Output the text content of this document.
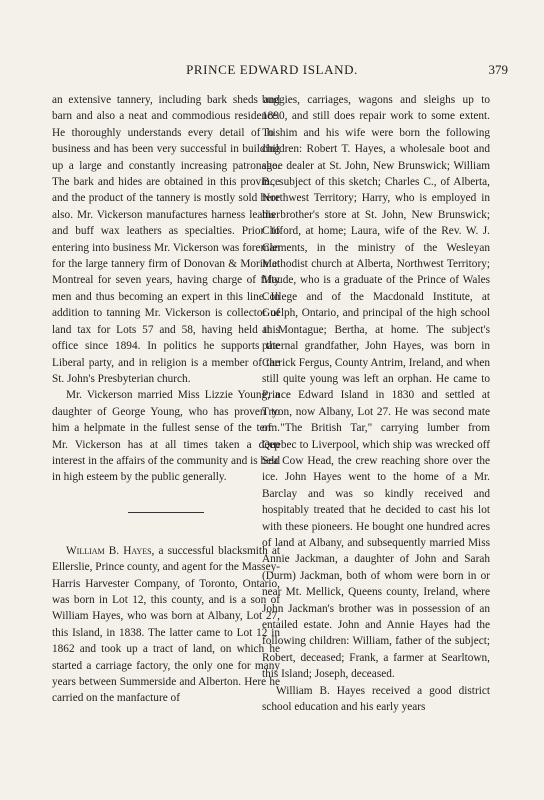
PRINCE EDWARD ISLAND.	379

an extensive tannery, including bark sheds and barn and also a neat and commodious residence. He thoroughly understands every detail of his business and has been very successful in building up a large and constantly increasing patronage. The bark and hides are obtained in this province and the product of the tannery is mostly sold here also. Mr. Vickerson manufactures harness leather and buff wax leathers as specialties. Prior to entering into business Mr. Vickerson was foreman for the large tannery firm of Donovan & Morin at Montreal for seven years, having charge of fifty men and thus becoming an expert in this line. In addition to tanning Mr. Vickerson is collector of land tax for Lots 57 and 58, having held this office since 1894. In politics he supports the Liberal party, and in religion is a member of the St. John's Presbyterian church.

Mr. Vickerson married Miss Lizzie Young, a daughter of George Young, who has proven to him a helpmate in the fullest sense of the term. Mr. Vickerson has at all times taken a deep interest in the affairs of the community and is held in high esteem by the public generally.

William B. Hayes, a successful blacksmith at Ellerslie, Prince county, and agent for the Massey-Harris Harvester Company, of Toronto, Ontario, was born in Lot 12, this county, and is a son of William Hayes, who was born at Albany, Lot 27, this Island, in 1838. The latter came to Lot 12 in 1862 and took up a tract of land, on which he started a carriage factory, the only one for many years between Summerside and Alberton. Here he carried on the manfacture of

buggies, carriages, wagons and sleighs up to 1890, and still does repair work to some extent. To him and his wife were born the following children: Robert T. Hayes, a wholesale boot and shoe dealer at St. John, New Brunswick; William B., subject of this sketch; Charles C., of Alberta, Northwest Territory; Harry, who is employed in his brother's store at St. John, New Brunswick; Clifford, at home; Laura, wife of the Rev. W. J. Clements, in the ministry of the Wesleyan Methodist church at Alberta, Northwest Territory; Maude, who is a graduate of the Prince of Wales College and of the Macdonald Institute, at Guelph, Ontario, and principal of the high school at Montague; Bertha, at home. The subject's paternal grandfather, John Hayes, was born in Carrick Fergus, County Antrim, Ireland, and when still quite young was left an orphan. He came to Prince Edward Island in 1830 and settled at Tryon, now Albany, Lot 27. He was second mate of "The British Tar," carrying lumber from Quebec to Liverpool, which ship was wrecked off Sea Cow Head, the crew reaching shore over the ice. John Hayes went to the home of a Mr. Barclay and was so kindly received and hospitably treated that he decided to cast his lot with these pioneers. He bought one hundred acres of land at Albany, and subsequently married Miss Annie Jackman, a daughter of John and Sarah (Durm) Jackman, both of whom were born in or near Mt. Mellick, Queens county, Ireland, where John Jackman's brother was in possession of an entailed estate. John and Annie Hayes had the following children: William, father of the subject; Robert, deceased; Frank, a farmer at Searltown, this Island; Joseph, deceased.

William B. Hayes received a good district school education and his early years
